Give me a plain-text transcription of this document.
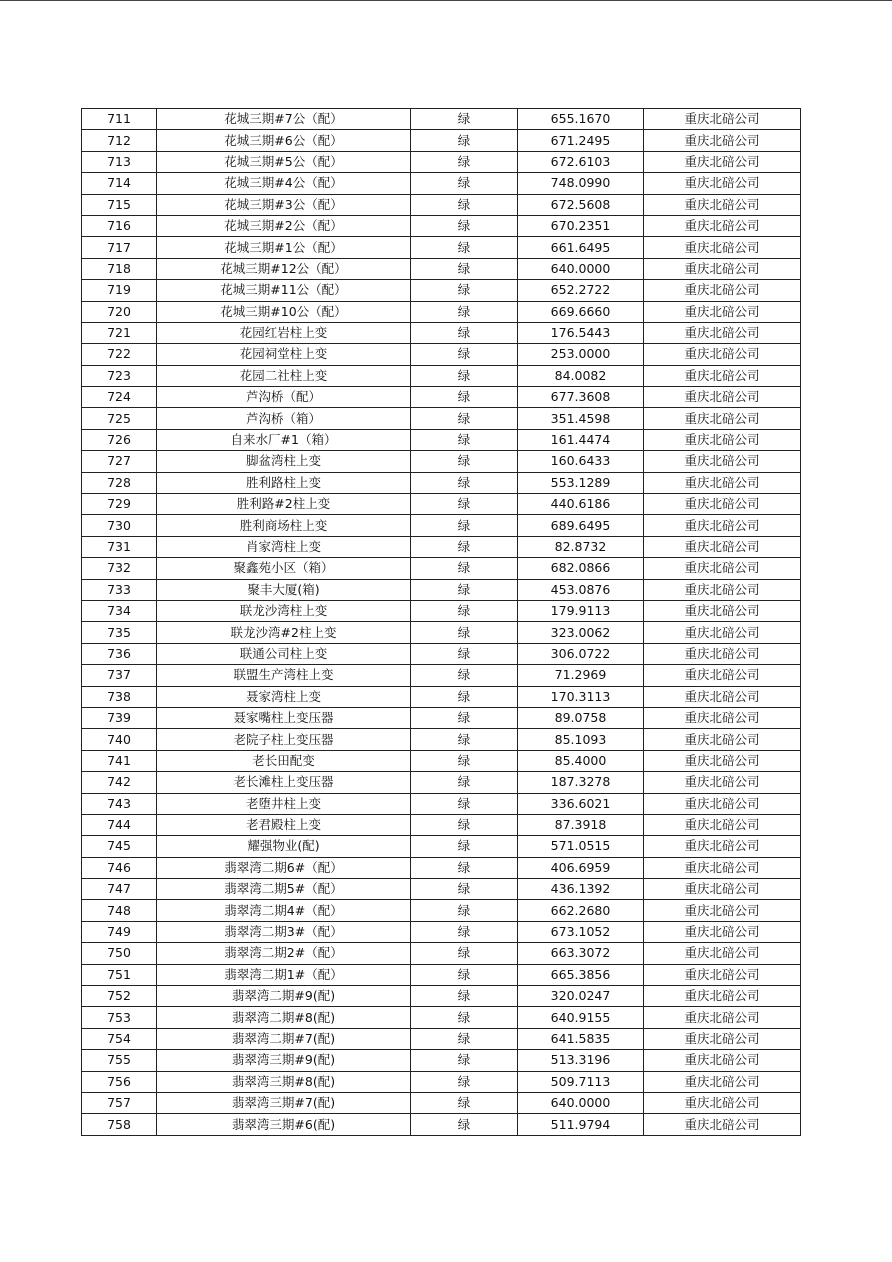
711	花城三期#7公（配）	绿	655.1670	重庆北碚公司
712	花城三期#6公（配）	绿	671.2495	重庆北碚公司
713	花城三期#5公（配）	绿	672.6103	重庆北碚公司
714	花城三期#4公（配）	绿	748.0990	重庆北碚公司
715	花城三期#3公（配）	绿	672.5608	重庆北碚公司
716	花城三期#2公（配）	绿	670.2351	重庆北碚公司
717	花城三期#1公（配）	绿	661.6495	重庆北碚公司
718	花城三期#12公（配）	绿	640.0000	重庆北碚公司
719	花城三期#11公（配）	绿	652.2722	重庆北碚公司
720	花城三期#10公（配）	绿	669.6660	重庆北碚公司
721	花园红岩柱上变	绿	176.5443	重庆北碚公司
722	花园祠堂柱上变	绿	253.0000	重庆北碚公司
723	花园二社柱上变	绿	84.0082	重庆北碚公司
724	芦沟桥（配）	绿	677.3608	重庆北碚公司
725	芦沟桥（箱）	绿	351.4598	重庆北碚公司
726	自来水厂#1（箱）	绿	161.4474	重庆北碚公司
727	脚盆湾柱上变	绿	160.6433	重庆北碚公司
728	胜利路柱上变	绿	553.1289	重庆北碚公司
729	胜利路#2柱上变	绿	440.6186	重庆北碚公司
730	胜利商场柱上变	绿	689.6495	重庆北碚公司
731	肖家湾柱上变	绿	82.8732	重庆北碚公司
732	聚鑫苑小区（箱）	绿	682.0866	重庆北碚公司
733	聚丰大厦(箱)	绿	453.0876	重庆北碚公司
734	联龙沙湾柱上变	绿	179.9113	重庆北碚公司
735	联龙沙湾#2柱上变	绿	323.0062	重庆北碚公司
736	联通公司柱上变	绿	306.0722	重庆北碚公司
737	联盟生产湾柱上变	绿	71.2969	重庆北碚公司
738	聂家湾柱上变	绿	170.3113	重庆北碚公司
739	聂家嘴柱上变压器	绿	89.0758	重庆北碚公司
740	老院子柱上变压器	绿	85.1093	重庆北碚公司
741	老长田配变	绿	85.4000	重庆北碚公司
742	老长滩柱上变压器	绿	187.3278	重庆北碚公司
743	老堕井柱上变	绿	336.6021	重庆北碚公司
744	老君殿柱上变	绿	87.3918	重庆北碚公司
745	耀强物业(配)	绿	571.0515	重庆北碚公司
746	翡翠湾二期6#（配）	绿	406.6959	重庆北碚公司
747	翡翠湾二期5#（配）	绿	436.1392	重庆北碚公司
748	翡翠湾二期4#（配）	绿	662.2680	重庆北碚公司
749	翡翠湾二期3#（配）	绿	673.1052	重庆北碚公司
750	翡翠湾二期2#（配）	绿	663.3072	重庆北碚公司
751	翡翠湾二期1#（配）	绿	665.3856	重庆北碚公司
752	翡翠湾二期#9(配)	绿	320.0247	重庆北碚公司
753	翡翠湾二期#8(配)	绿	640.9155	重庆北碚公司
754	翡翠湾二期#7(配)	绿	641.5835	重庆北碚公司
755	翡翠湾三期#9(配)	绿	513.3196	重庆北碚公司
756	翡翠湾三期#8(配)	绿	509.7113	重庆北碚公司
757	翡翠湾三期#7(配)	绿	640.0000	重庆北碚公司
758	翡翠湾三期#6(配)	绿	511.9794	重庆北碚公司
